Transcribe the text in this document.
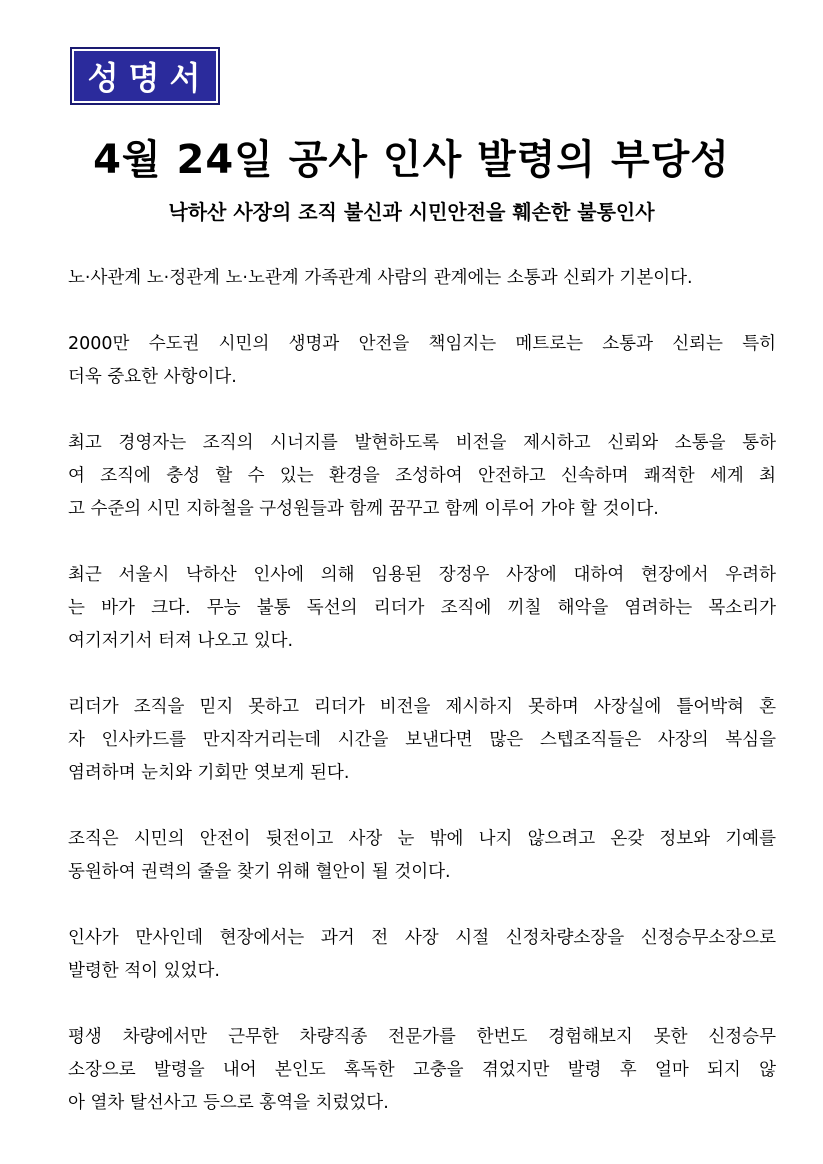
성명서
4월 24일 공사 인사 발령의 부당성
낙하산 사장의 조직 불신과 시민안전을 훼손한 불통인사

노·사관계 노·정관계 노·노관계 가족관계 사람의 관계에는 소통과 신뢰가 기본이다.

2000만 수도권 시민의 생명과 안전을 책임지는 메트로는 소통과 신뢰는 특히
더욱 중요한 사항이다.

최고 경영자는 조직의 시너지를 발현하도록 비전을 제시하고 신뢰와 소통을 통하
여 조직에 충성 할 수 있는 환경을 조성하여 안전하고 신속하며 쾌적한 세계 최
고 수준의 시민 지하철을 구성원들과 함께 꿈꾸고 함께 이루어 가야 할 것이다.

최근 서울시 낙하산 인사에 의해 임용된 장정우 사장에 대하여 현장에서 우려하
는 바가 크다. 무능 불통 독선의 리더가 조직에 끼칠 해악을 염려하는 목소리가
여기저기서 터져 나오고 있다.

리더가 조직을 믿지 못하고 리더가 비전을 제시하지 못하며 사장실에 틀어박혀 혼
자 인사카드를 만지작거리는데 시간을 보낸다면 많은 스텝조직들은 사장의 복심을
염려하며 눈치와 기회만 엿보게 된다.

조직은 시민의 안전이 뒷전이고 사장 눈 밖에 나지 않으려고 온갖 정보와 기예를
동원하여 권력의 줄을 찾기 위해 혈안이 될 것이다.

인사가 만사인데 현장에서는 과거 전 사장 시절 신정차량소장을 신정승무소장으로
발령한 적이 있었다.

평생 차량에서만 근무한 차량직종 전문가를 한번도 경험해보지 못한 신정승무
소장으로 발령을 내어 본인도 혹독한 고충을 겪었지만 발령 후 얼마 되지 않
아 열차 탈선사고 등으로 홍역을 치렀었다.
